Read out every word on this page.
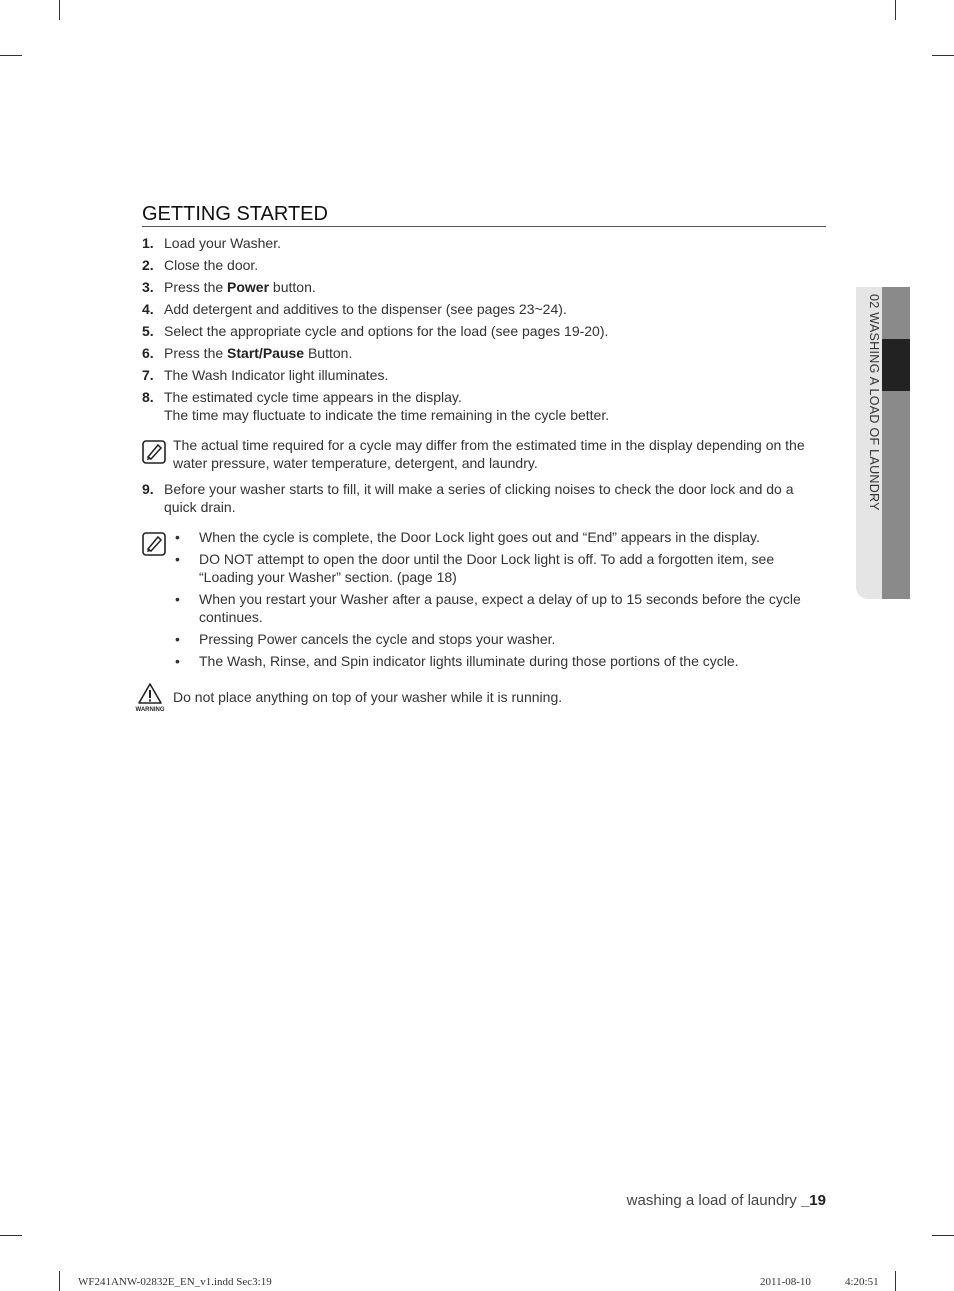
GETTING STARTED
1. Load your Washer.
2. Close the door.
3. Press the Power button.
4. Add detergent and additives to the dispenser (see pages 23~24).
5. Select the appropriate cycle and options for the load (see pages 19-20).
6. Press the Start/Pause Button.
7. The Wash Indicator light illuminates.
8. The estimated cycle time appears in the display.
The time may fluctuate to indicate the time remaining in the cycle better.
The actual time required for a cycle may differ from the estimated time in the display depending on the water pressure, water temperature, detergent, and laundry.
9. Before your washer starts to fill, it will make a series of clicking noises to check the door lock and do a quick drain.
•	When the cycle is complete, the Door Lock light goes out and “End” appears in the display.
•	DO NOT attempt to open the door until the Door Lock light is off. To add a forgotten item, see “Loading your Washer” section. (page 18)
•	When you restart your Washer after a pause, expect a delay of up to 15 seconds before the cycle continues.
•	Pressing Power cancels the cycle and stops your washer.
•	The Wash, Rinse, and Spin indicator lights illuminate during those portions of the cycle.
WARNING
Do not place anything on top of your washer while it is running.
02 WASHING A LOAD OF LAUNDRY
washing a load of laundry _19
WF241ANW-02832E_EN_v1.indd Sec3:19	2011-08-10	4:20:51
